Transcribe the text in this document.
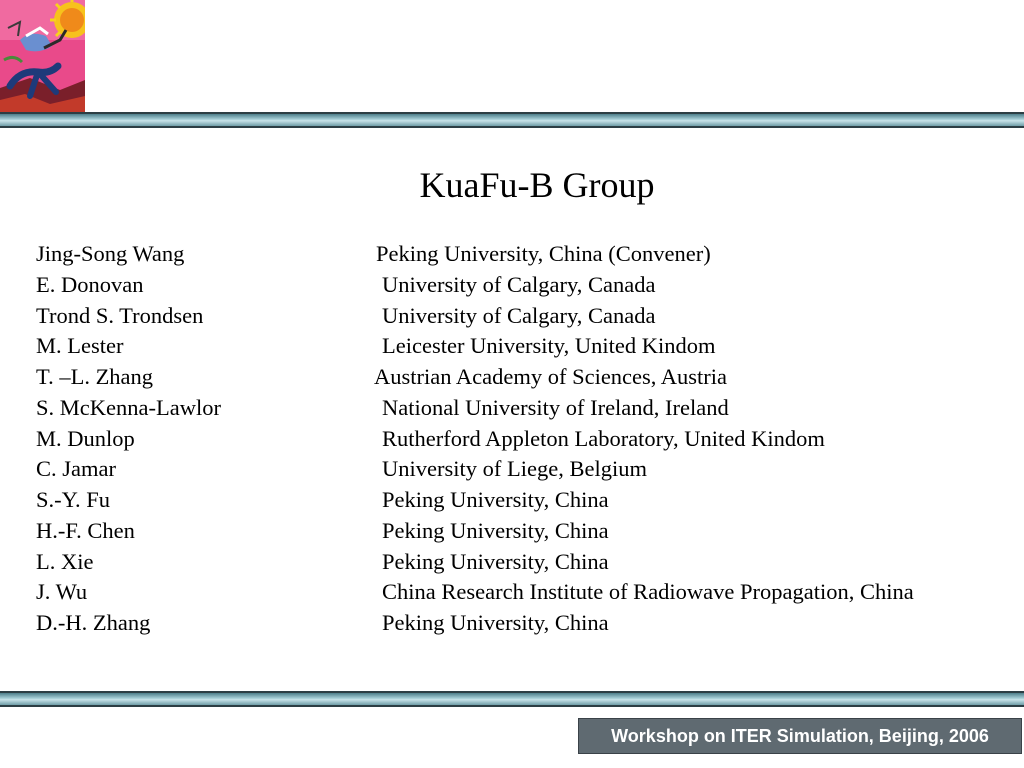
KuaFu-B Group
Jing-Song Wang	Peking University, China (Convener)
E. Donovan	University of Calgary, Canada
Trond S. Trondsen	University of Calgary, Canada
M. Lester	Leicester University, United Kindom
T. –L. Zhang	Austrian Academy of Sciences, Austria
S. McKenna-Lawlor	National University of Ireland, Ireland
M. Dunlop	Rutherford Appleton Laboratory, United Kindom
C. Jamar	University of Liege, Belgium
S.-Y. Fu	Peking University, China
H.-F. Chen	Peking University, China
L. Xie	Peking University, China
J. Wu	China Research Institute of Radiowave Propagation, China
D.-H. Zhang	Peking University, China
Workshop on ITER Simulation, Beijing, 2006
